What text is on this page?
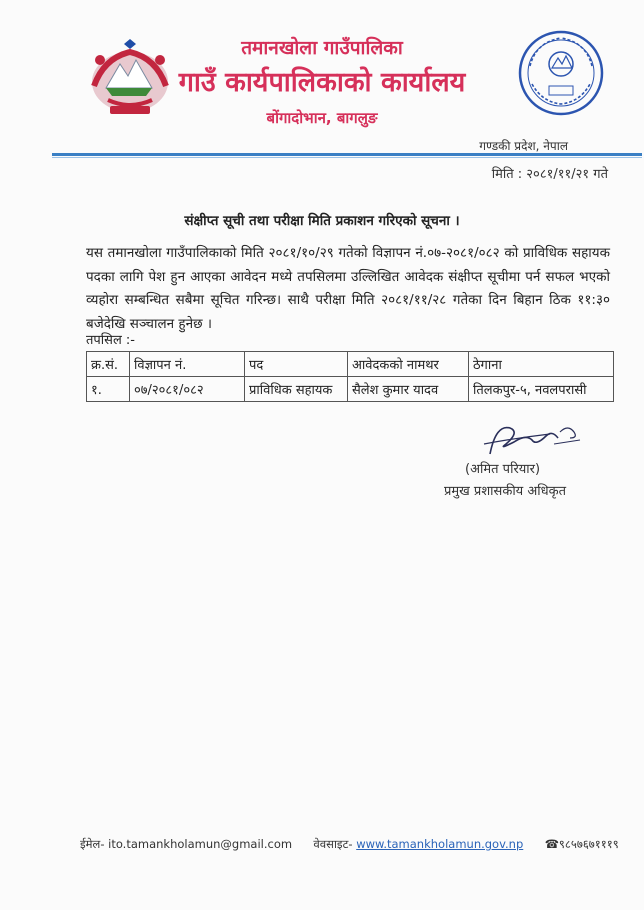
तमानखोला गाउँपालिका
गाउँ कार्यपालिकाको कार्यालय
बोंगादोभान, बागलुङ
गण्डकी प्रदेश, नेपाल
मिति : २०८१/११/२१ गते
संक्षीप्त सूची तथा परीक्षा मिति प्रकाशन गरिएको सूचना ।
यस तमानखोला गाउँपालिकाको मिति २०८१/१०/२९ गतेको विज्ञापन नं.०७-२०८१/०८२ को प्राविधिक सहायक पदका लागि पेश हुन आएका आवेदन मध्ये तपसिलमा उल्लिखित आवेदक संक्षीप्त सूचीमा पर्न सफल भएको व्यहोरा सम्बन्धित सबैमा सूचित गरिन्छ। साथै परीक्षा मिति २०८१/११/२८ गतेका दिन बिहान ठिक ११:३० बजेदेखि सञ्चालन हुनेछ ।
तपसिल :-
क्र.सं.	विज्ञापन नं.	पद	आवेदकको नामथर	ठेगाना
१.	०७/२०८१/०८२	प्राविधिक सहायक	सैलेश कुमार यादव	तिलकपुर-५, नवलपरासी
(अमित परियार)
प्रमुख प्रशासकीय अधिकृत
ईमेल- ito.tamankholamun@gmail.com वेवसाइट- www.tamankholamun.gov.np ☎९८५७६७१११९
